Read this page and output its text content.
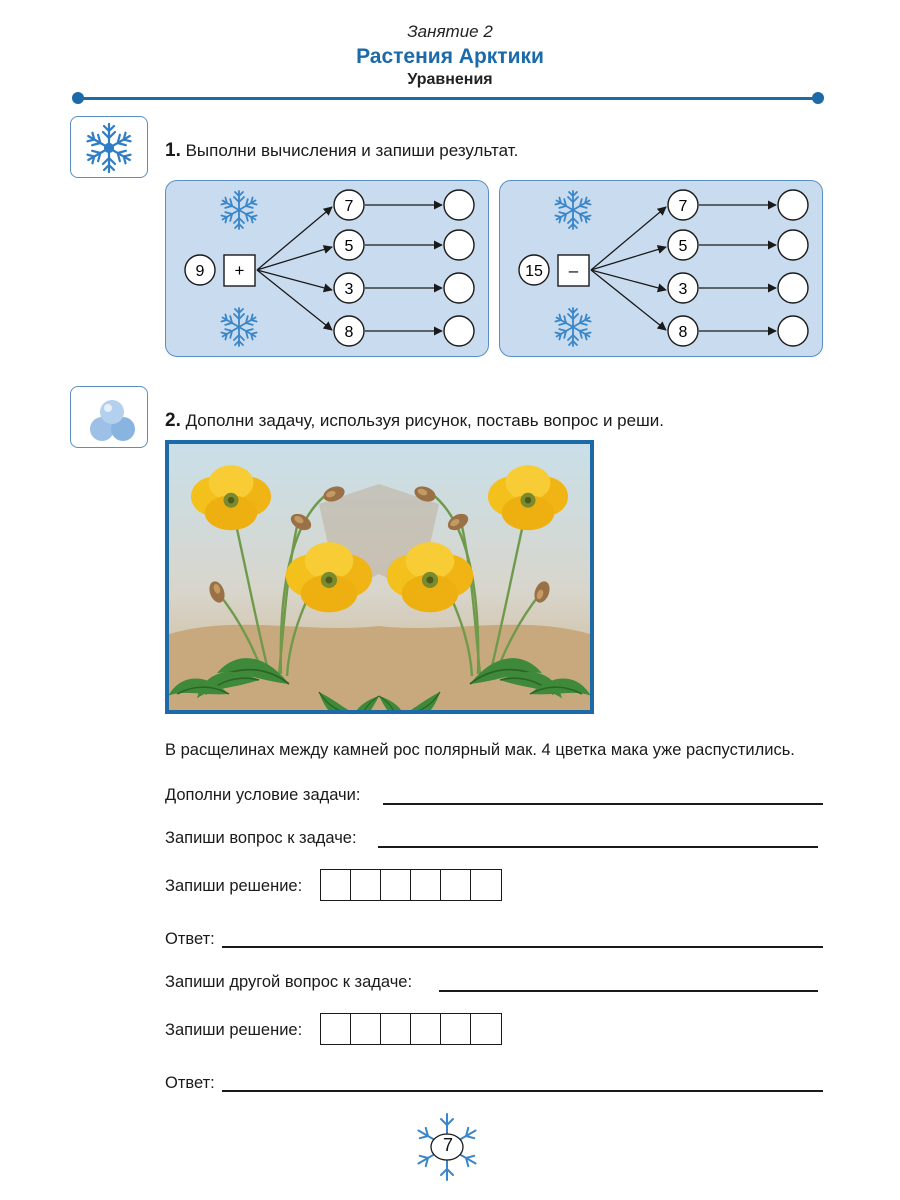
Занятие 2
Растения Арктики
Уравнения
1. Выполни вычисления и запиши результат.
9 +
7
5
3
8
15 –
7
5
3
8
2. Дополни задачу, используя рисунок, поставь вопрос и реши.
В расщелинах между камней рос полярный мак. 4 цветка мака уже распустились.
Дополни условие задачи:
Запиши вопрос к задаче:
Запиши решение:
Ответ:
Запиши другой вопрос к задаче:
Запиши решение:
Ответ:
7
